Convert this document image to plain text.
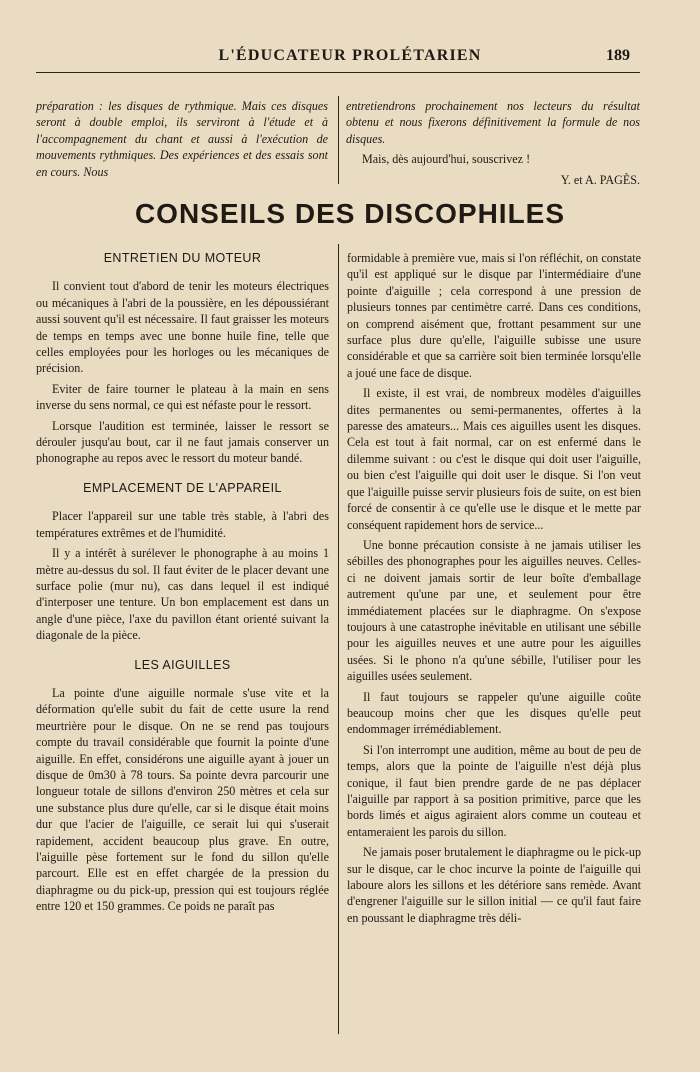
L'ÉDUCATEUR PROLÉTARIEN	189

préparation : les disques de rythmique. Mais ces disques seront à double emploi, ils serviront à l'étude et à l'accompagnement du chant et aussi à l'exécution de mouvements rythmiques. Des expériences et des essais sont en cours. Nous

entretiendrons prochainement nos lecteurs du résultat obtenu et nous fixerons définitivement la formule de nos disques.

Mais, dès aujourd'hui, souscrivez !

Y. et A. PAGÈS.

CONSEILS DES DISCOPHILES
ENTRETIEN DU MOTEUR

Il convient tout d'abord de tenir les moteurs électriques ou mécaniques à l'abri de la poussière, en les dépoussiérant aussi souvent qu'il est nécessaire. Il faut graisser les moteurs de temps en temps avec une bonne huile fine, telle que celles employées pour les horloges ou les mécaniques de précision.

Eviter de faire tourner le plateau à la main en sens inverse du sens normal, ce qui est néfaste pour le ressort.

Lorsque l'audition est terminée, laisser le ressort se dérouler jusqu'au bout, car il ne faut jamais conserver un phonographe au repos avec le ressort du moteur bandé.

EMPLACEMENT DE L'APPAREIL

Placer l'appareil sur une table très stable, à l'abri des températures extrêmes et de l'humidité.

Il y a intérêt à surélever le phonographe à au moins 1 mètre au-dessus du sol. Il faut éviter de le placer devant une surface polie (mur nu), cas dans lequel il est indiqué d'interposer une tenture. Un bon emplacement est dans un angle d'une pièce, l'axe du pavillon étant orienté suivant la diagonale de la pièce.

LES AIGUILLES

La pointe d'une aiguille normale s'use vite et la déformation qu'elle subit du fait de cette usure la rend meurtrière pour le disque. On ne se rend pas toujours compte du travail considérable que fournit la pointe d'une aiguille. En effet, considérons une aiguille ayant à jouer un disque de 0m30 à 78 tours. Sa pointe devra parcourir une longueur totale de sillons d'environ 250 mètres et cela sur une substance plus dure qu'elle, car si le disque était moins dur que l'acier de l'aiguille, ce serait lui qui s'userait rapidement, accident beaucoup plus grave. En outre, l'aiguille pèse fortement sur le fond du sillon qu'elle parcourt. Elle est en effet chargée de la pression du diaphragme ou du pick-up, pression qui est toujours réglée entre 120 et 150 grammes. Ce poids ne paraît pas

formidable à première vue, mais si l'on réfléchit, on constate qu'il est appliqué sur le disque par l'intermédiaire d'une pointe d'aiguille ; cela correspond à une pression de plusieurs tonnes par centimètre carré. Dans ces conditions, on comprend aisément que, frottant pesamment sur une surface plus dure qu'elle, l'aiguille subisse une usure considérable et que sa carrière soit bien terminée lorsqu'elle a joué une face de disque.

Il existe, il est vrai, de nombreux modèles d'aiguilles dites permanentes ou semi-permanentes, offertes à la paresse des amateurs... Mais ces aiguilles usent les disques. Cela est tout à fait normal, car on est enfermé dans le dilemme suivant : ou c'est le disque qui doit user l'aiguille, ou bien c'est l'aiguille qui doit user le disque. Si l'on veut que l'aiguille puisse servir plusieurs fois de suite, on est bien forcé de consentir à ce qu'elle use le disque et le mette par conséquent rapidement hors de service...

Une bonne précaution consiste à ne jamais utiliser les sébilles des phonographes pour les aiguilles neuves. Celles-ci ne doivent jamais sortir de leur boîte d'emballage autrement qu'une par une, et seulement pour être immédiatement placées sur le diaphragme. On s'expose toujours à une catastrophe inévitable en utilisant une sébille pour les aiguilles neuves et une autre pour les aiguilles usées. Si le phono n'a qu'une sébille, l'utiliser pour les aiguilles usées seulement.

Il faut toujours se rappeler qu'une aiguille coûte beaucoup moins cher que les disques qu'elle peut endommager irrémédiablement.

Si l'on interrompt une audition, même au bout de peu de temps, alors que la pointe de l'aiguille n'est déjà plus conique, il faut bien prendre garde de ne pas déplacer l'aiguille par rapport à sa position primitive, parce que les bords limés et aigus agiraient alors comme un couteau et entameraient les parois du sillon.

Ne jamais poser brutalement le diaphragme ou le pick-up sur le disque, car le choc incurve la pointe de l'aiguille qui laboure alors les sillons et les détériore sans remède. Avant d'engrener l'aiguille sur le sillon initial — ce qu'il faut faire en poussant le diaphragme très déli-
